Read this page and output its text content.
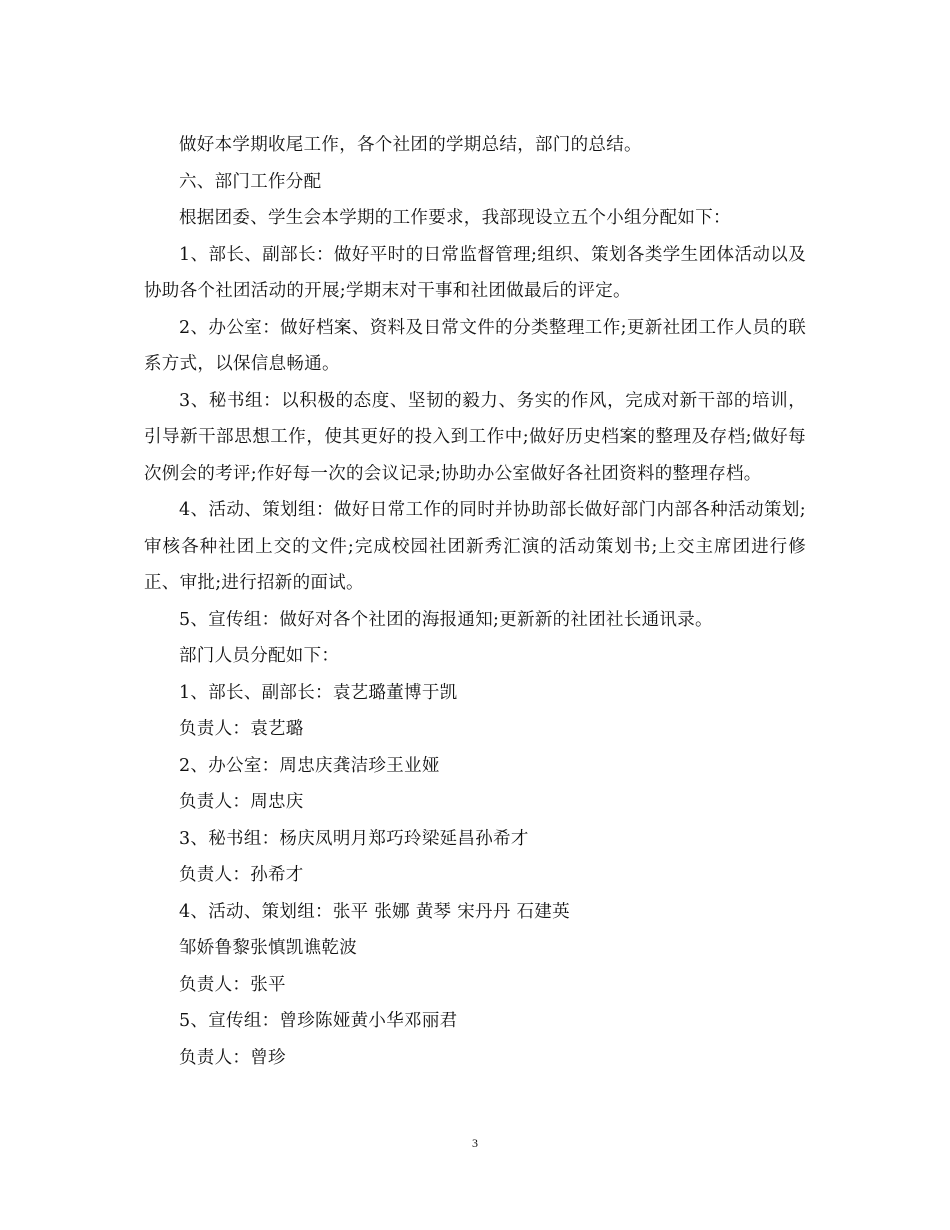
做好本学期收尾工作，各个社团的学期总结，部门的总结。

六、部门工作分配

根据团委、学生会本学期的工作要求，我部现设立五个小组分配如下：

1、部长、副部长：做好平时的日常监督管理;组织、策划各类学生团体活动以及协助各个社团活动的开展;学期末对干事和社团做最后的评定。

2、办公室：做好档案、资料及日常文件的分类整理工作;更新社团工作人员的联系方式，以保信息畅通。

3、秘书组：以积极的态度、坚韧的毅力、务实的作风，完成对新干部的培训，引导新干部思想工作，使其更好的投入到工作中;做好历史档案的整理及存档;做好每次例会的考评;作好每一次的会议记录;协助办公室做好各社团资料的整理存档。

4、活动、策划组：做好日常工作的同时并协助部长做好部门内部各种活动策划;审核各种社团上交的文件;完成校园社团新秀汇演的活动策划书;上交主席团进行修正、审批;进行招新的面试。

5、宣传组：做好对各个社团的海报通知;更新新的社团社长通讯录。

部门人员分配如下：

1、部长、副部长：袁艺璐董博于凯

负责人：袁艺璐

2、办公室：周忠庆龚洁珍王业娅

负责人：周忠庆

3、秘书组：杨庆凤明月郑巧玲梁延昌孙希才

负责人：孙希才

4、活动、策划组：张平 张娜 黄琴 宋丹丹 石建英

邹娇鲁黎张慎凯谯乾波

负责人：张平

5、宣传组：曾珍陈娅黄小华邓丽君

负责人：曾珍

3
